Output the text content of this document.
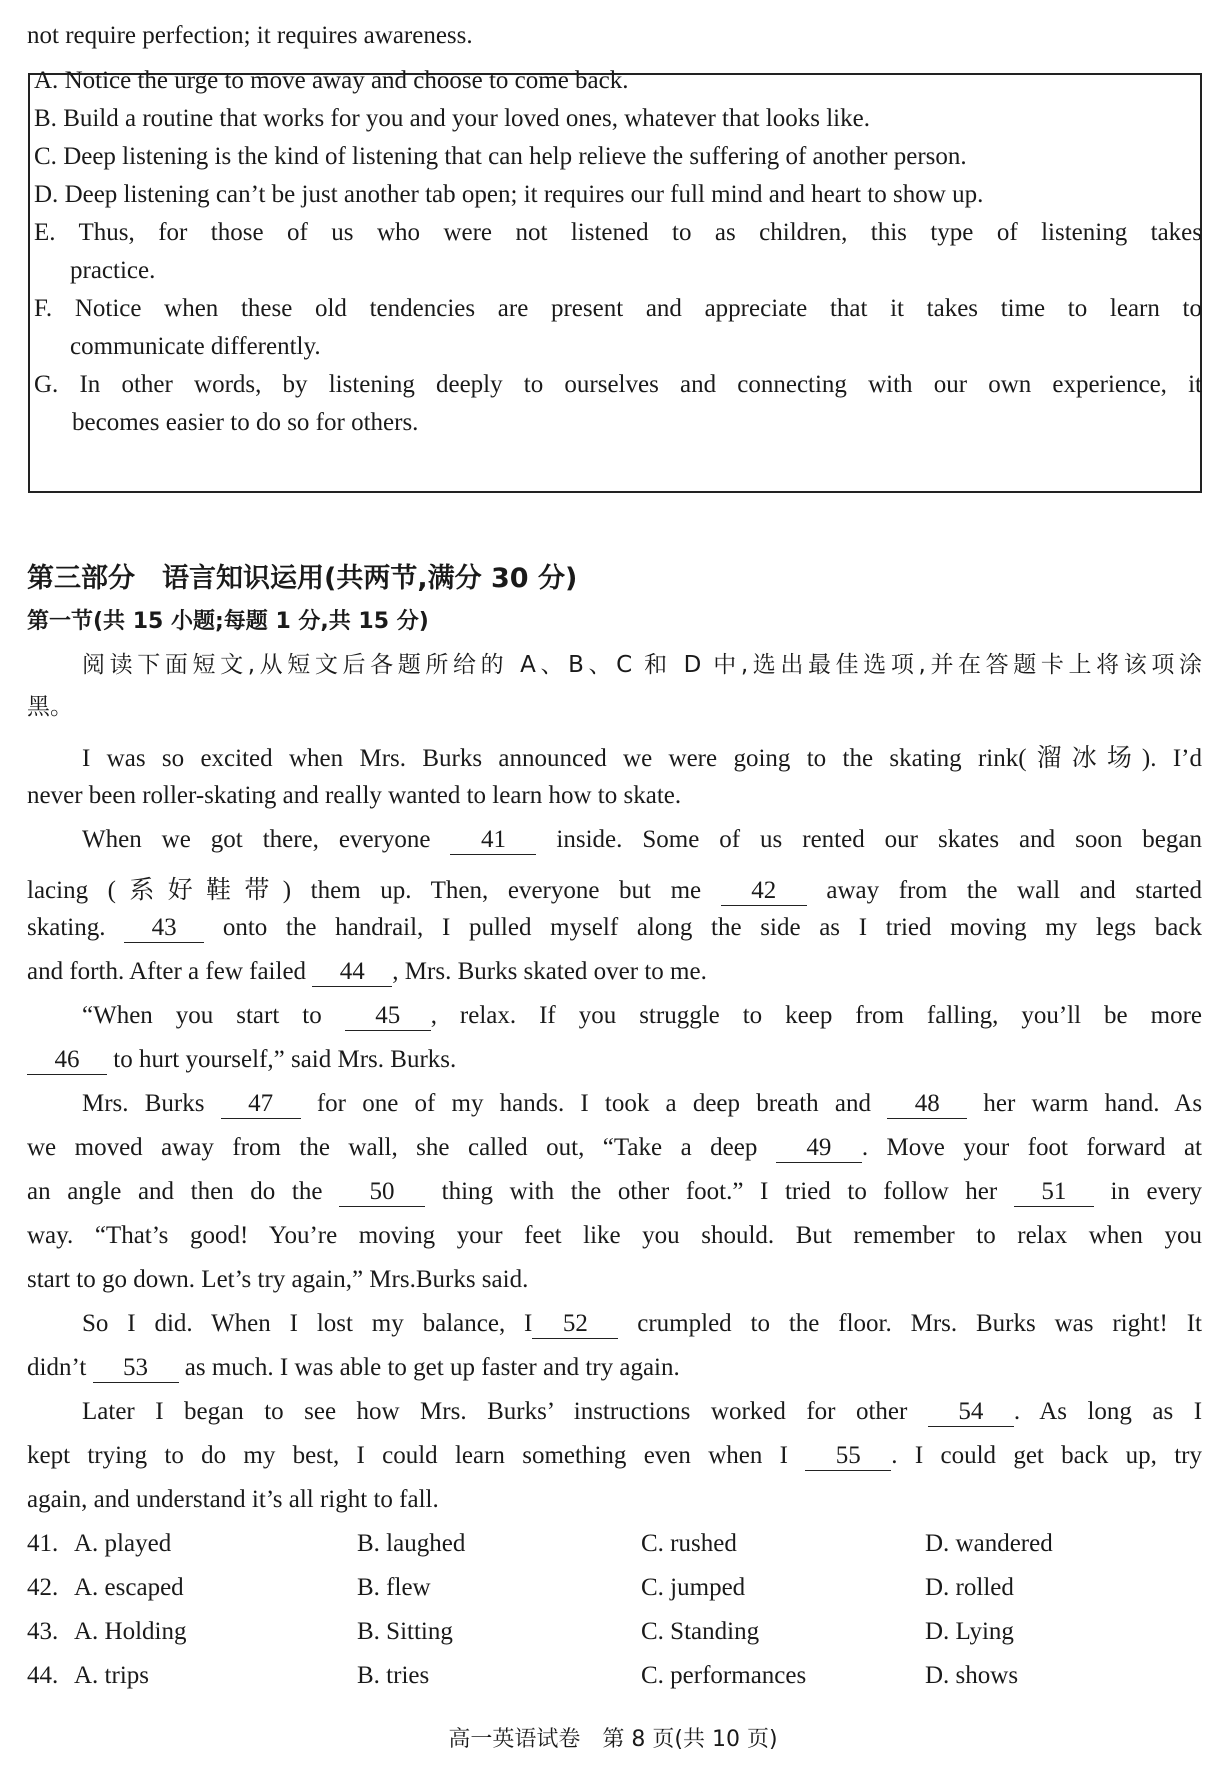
not require perfection; it requires awareness.
A. Notice the urge to move away and choose to come back.
B. Build a routine that works for you and your loved ones, whatever that looks like.
C. Deep listening is the kind of listening that can help relieve the suffering of another person.
D. Deep listening can’t be just another tab open; it requires our full mind and heart to show up.
E. Thus, for those of us who were not listened to as children, this type of listening takes
practice.
F. Notice when these old tendencies are present and appreciate that it takes time to learn to
communicate differently.
G. In other words, by listening deeply to ourselves and connecting with our own experience, it
becomes easier to do so for others.
第三部分　语言知识运用(共两节,满分 30 分)
第一节(共 15 小题;每题 1 分,共 15 分)
阅读下面短文,从短文后各题所给的 A、B、C 和 D 中,选出最佳选项,并在答题卡上将该项涂
黑。
I was so excited when Mrs. Burks announced we were going to the skating rink(溜冰场). I’d
never been roller-skating and really wanted to learn how to skate.
When we got there, everyone 41 inside. Some of us rented our skates and soon began
lacing (系好鞋带) them up. Then, everyone but me 42 away from the wall and started
skating. 43 onto the handrail, I pulled myself along the side as I tried moving my legs back
and forth. After a few failed 44 , Mrs. Burks skated over to me.
“When you start to 45 , relax. If you struggle to keep from falling, you’ll be more
46 to hurt yourself,” said Mrs. Burks.
Mrs. Burks 47 for one of my hands. I took a deep breath and 48 her warm hand. As
we moved away from the wall, she called out, “Take a deep 49 . Move your foot forward at
an angle and then do the 50 thing with the other foot.” I tried to follow her 51 in every
way. “That’s good! You’re moving your feet like you should. But remember to relax when you
start to go down. Let’s try again,” Mrs.Burks said.
So I did. When I lost my balance, I 52 crumpled to the floor. Mrs. Burks was right! It
didn’t 53 as much. I was able to get up faster and try again.
Later I began to see how Mrs. Burks’ instructions worked for other 54 . As long as I
kept trying to do my best, I could learn something even when I 55 . I could get back up, try
again, and understand it’s all right to fall.
41. A. played	B. laughed	C. rushed	D. wandered
42. A. escaped	B. flew	C. jumped	D. rolled
43. A. Holding	B. Sitting	C. Standing	D. Lying
44. A. trips	B. tries	C. performances	D. shows
高一英语试卷　第 8 页(共 10 页)
